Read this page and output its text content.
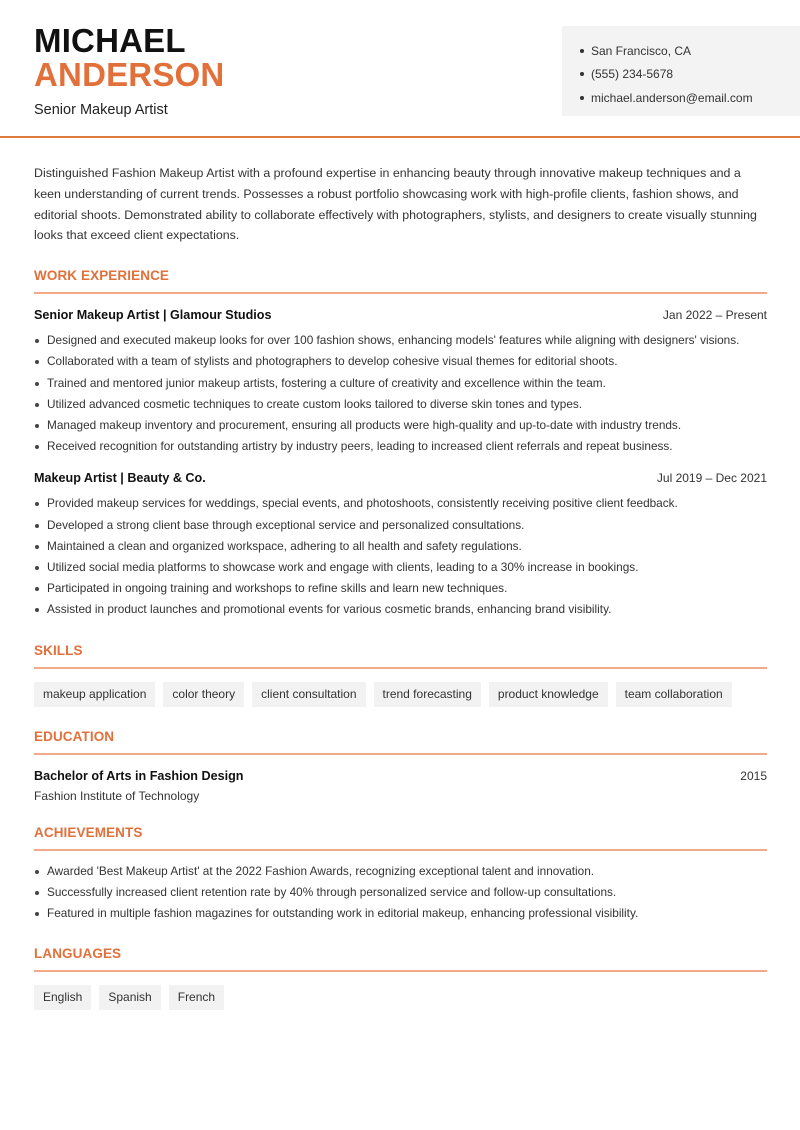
MICHAEL
ANDERSON
Senior Makeup Artist
San Francisco, CA
(555) 234-5678
michael.anderson@email.com

Distinguished Fashion Makeup Artist with a profound expertise in enhancing beauty through innovative makeup techniques and a keen understanding of current trends. Possesses a robust portfolio showcasing work with high-profile clients, fashion shows, and editorial shoots. Demonstrated ability to collaborate effectively with photographers, stylists, and designers to create visually stunning looks that exceed client expectations.

WORK EXPERIENCE
Senior Makeup Artist | Glamour Studios	Jan 2022 – Present
Designed and executed makeup looks for over 100 fashion shows, enhancing models' features while aligning with designers' visions.
Collaborated with a team of stylists and photographers to develop cohesive visual themes for editorial shoots.
Trained and mentored junior makeup artists, fostering a culture of creativity and excellence within the team.
Utilized advanced cosmetic techniques to create custom looks tailored to diverse skin tones and types.
Managed makeup inventory and procurement, ensuring all products were high-quality and up-to-date with industry trends.
Received recognition for outstanding artistry by industry peers, leading to increased client referrals and repeat business.
Makeup Artist | Beauty & Co.	Jul 2019 – Dec 2021
Provided makeup services for weddings, special events, and photoshoots, consistently receiving positive client feedback.
Developed a strong client base through exceptional service and personalized consultations.
Maintained a clean and organized workspace, adhering to all health and safety regulations.
Utilized social media platforms to showcase work and engage with clients, leading to a 30% increase in bookings.
Participated in ongoing training and workshops to refine skills and learn new techniques.
Assisted in product launches and promotional events for various cosmetic brands, enhancing brand visibility.
SKILLS
makeup application	color theory	client consultation	trend forecasting	product knowledge	team collaboration
EDUCATION
Bachelor of Arts in Fashion Design	2015
Fashion Institute of Technology
ACHIEVEMENTS
Awarded 'Best Makeup Artist' at the 2022 Fashion Awards, recognizing exceptional talent and innovation.
Successfully increased client retention rate by 40% through personalized service and follow-up consultations.
Featured in multiple fashion magazines for outstanding work in editorial makeup, enhancing professional visibility.
LANGUAGES
English	Spanish	French
